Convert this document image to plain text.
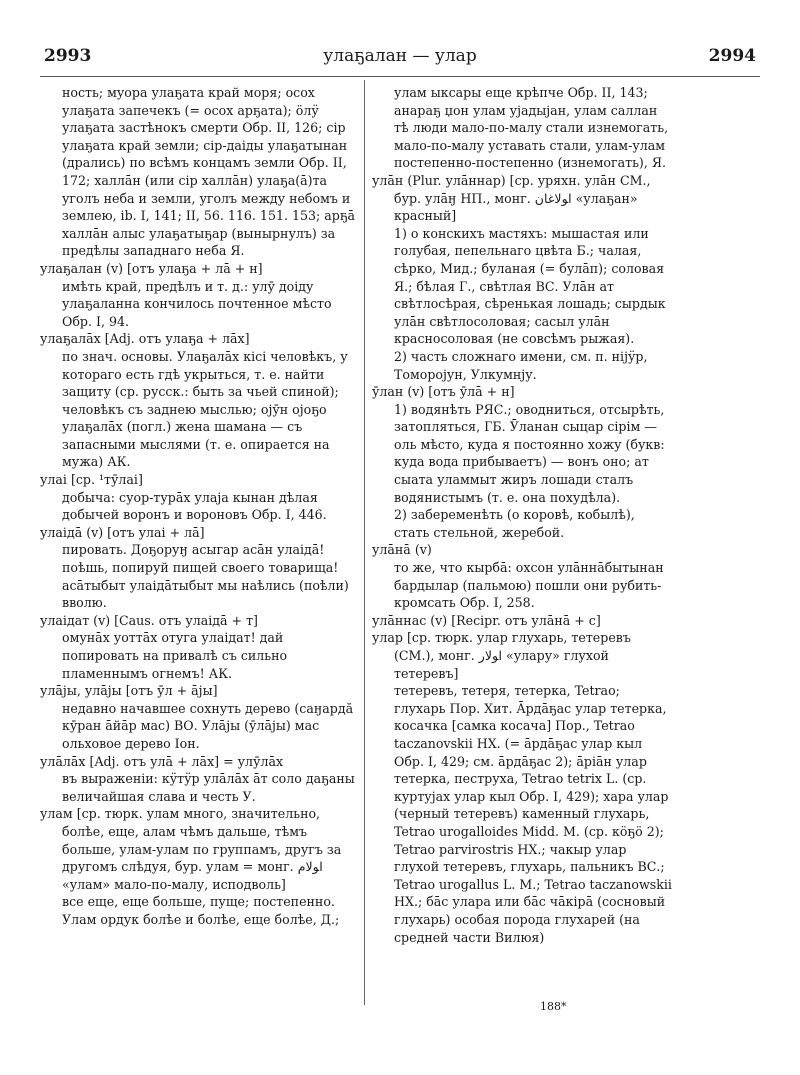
2993	улаҕалан — улар	2994

ность; муора улаҕата край моря; осох улаҕата запечекъ (= осох арҕата); ӧлӱ улаҕата застѣнокъ смерти Обр. II, 126; сір улаҕата край земли; сір-даіды улаҕатынан (дрались) по всѣмъ концамъ земли Обр. II, 172; халлāн (или сір халлāн) улаҕа(ā)та уголъ неба и земли, уголъ между небомъ и землею, ib. I, 141; II, 56. 116. 151. 153; арҕā халлāн алыс улаҕатыҕар (вынырнулъ) за предѣлы западнаго неба Я.

улаҕалан (v) [отъ улаҕа + лā + н]

имѣть край, предѣлъ и т. д.: улӯ доіду улаҕаланна кончилось почтенное мѣсто Обр. I, 94.

улаҕалāх [Adj. отъ улаҕа + лāх]

по знач. основы. Улаҕалāх кісі человѣкъ, у котораго есть гдѣ укрыться, т. е. найти защиту (ср. русск.: быть за чьей спиной); человѣкъ съ заднею мыслью; оjӯн оjоҕо улаҕалāх (погл.) жена шамана — съ запасными мыслями (т. е. опирается на мужа) АК.

улаі [ср. ¹тӯлаі]

добыча: суор-турāх улаjа кынан дѣлая добычей воронъ и вороновъ Обр. I, 446.

улаідā (v) [отъ улаі + лā]

пировать. Доҕоруӈ асыгар асāн улаідā! поѣшь, попируй пищей своего товарища! асāтыбыт улаідāтыбыт мы наѣлись (поѣли) вволю.

улаідат (v) [Caus. отъ улаідā + т]

омунāх уоттāх отуга улаідат! дай попировать на привалѣ съ сильно пламеннымъ огнемъ! АК.

улājы, улājы [отъ ӯл + ājы]

недавно начавшее сохнуть дерево (саӈардӑ кӯран āйāр мас) ВО. Улājы (ӯлājы) мас ольховое дерево Іон.

улāлāх [Adj. отъ улā + лāх] = улӯлāх

въ выраженіи: кӱтӱр улāлāх āт соло даҕаны величайшая слава и честь У.

улам [ср. тюрк. улам много, значительно, болѣе, еще, алам чѣмъ дальше, тѣмъ больше, улам-улам по группамъ, другъ за другомъ слѣдуя, бур. улам = монг. ﺍﻮﻻﻡ «улам» мало-по-малу, исподволь]

все еще, еще больше, пуще; постепенно. Улам ордук болѣе и болѣе, еще болѣе, Д.;

улам ыксары еще крѣпче Обр. II, 143; анараҕ џон улам уjадыjан, улам саллан тѣ люди мало-по-малу стали изнемогать, мало-по-малу уставать стали, улам-улам постепенно-постепенно (изнемогать), Я.

улāн (Plur. улāннар) [ср. уряхн. улāн СМ., бур. улāӈ НП., монг. ﺍﻮﻻﻏﺎﻥ «улаҕан» красный]

1) о конскихъ мастяхъ: мышастая или голубая, пепельнаго цвѣта Б.; чалая, сѣрко, Мид.; буланая (= булāп); соловая Я.; бѣлая Г., свѣтлая ВС. Улāн ат свѣтлосѣрая, сѣренькая лошадь; сырдык улāн свѣтлосоловая; сасыл улāн красносоловая (не совсѣмъ рыжая).

2) часть сложнаго имени, см. п. ніjӱр, Томороjун, Улкумнjу.

ӯлан (v) [отъ ӯлā + н]

1) водянѣть РЯС.; оводниться, отсырѣть, затопляться, ГБ. Ӯланан сыцар сірім — оль мѣсто, куда я постоянно хожу (букв: куда вода прибываетъ) — вонъ оно; ат сыата уламмыт жиръ лошади сталъ водянистымъ (т. е. она похудѣла).

2) забеременѣть (о коровѣ, кобылѣ), стать стельной, жеребой.

улāнā (v)

то же, что кырбā: охсон улāннāбытынан бардылар (пальмою) пошли они рубить-кромсать Обр. I, 258.

улāннас (v) [Recipr. отъ улāнā + с]

улар [ср. тюрк. улар глухарь, тетеревъ (СМ.), монг. ﺍﻮﻻﺭ «улару» глухой тетеревъ]

тетеревъ, тетеря, тетерка, Tetrao; глухарь Пор. Хит. Āрдāҕас улар тетерка, косачка [самка косача] Пор., Tetrao taczanovskii НХ. (= āрдāҕас улар кыл Обр. I, 429; см. āрдāҕас 2); āріāн улар тетерка, пеструха, Tetrao tetrix L. (ср. куртуjах улар кыл Обр. I, 429); хара улар (черный тетеревъ) каменный глухарь, Tetrao urogalloides Midd. М. (ср. кӧҕӧ 2); Tetrao parvirostris НХ.; чакыр улар глухой тетеревъ, глухарь, пальникъ ВС.; Tetrao urogallus L. М.; Tetrao taczanowskii НХ.; бāс улара или бāс чāкірā (сосновый глухарь) особая порода глухарей (на средней части Вилюя)

188*
